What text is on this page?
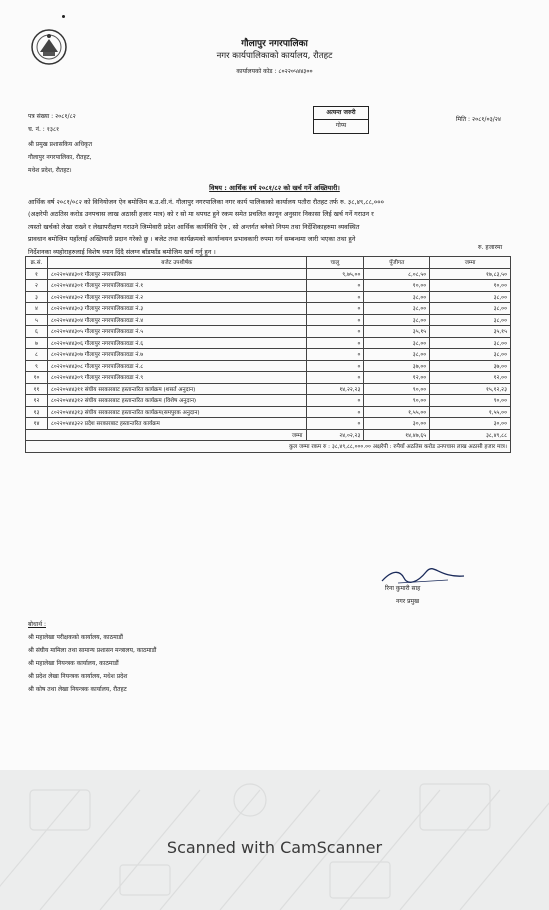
गौलापुर नगरपालिका
नगर कार्यपालिकाको कार्यालय, रौतहट
कार्यालयको कोड : ८०२२०५४४३००
पत्र संख्या : २०८१/८२
च. नं. : १३८१
अत्यन्त जरुरी
गोप्य
मिति : २०८१/०३/२४
श्री प्रमुख प्रशासकिय अधिकृत
गौलापुर नगरपालिका, रौतहट,
मधेश प्रदेश, रौतहट।
विषय : आर्थिक वर्ष २०८१/८२ को खर्च गर्ने अख्तियारी।
आर्थिक वर्ष २०८१/०८२ को विनियोजन ऐन बमोजिम ब.उ.शी.नं. गौलापुर नगरपालिका नगर कार्य पालिकाको कार्यालय पतौरा रौतहट तर्फ रु. ३८,४९,८८,०००
(अक्षरेपी अठतिस करोड उनपचास लाख अठासी हजार मात्र) को र सो मा थपघट हुने रकम समेत प्रचलित कानून अनुसार निकासा लिई खर्च गर्ने गराउन र
त्यस्तो खर्चको लेखा राख्ने र लेखापरीक्षण गराउने जिम्मेवारी प्रदेश आर्थिक कार्यविधि ऐन , सो अन्तर्गत बनेको नियम तथा निर्देशिकाहरुमा व्यवस्थित
प्रावधान बमोजिम यहाँलाई अख्तियारी प्रदान गरेको छु । बजेट तथा कार्यक्रमको कार्यान्वयन प्रभावकारी रुपमा गर्न सम्बन्धमा जारी भएका तथा हुने
निर्देशनका व्यहोराहरुलाई विशेष ध्यान दिंदै संलग्न बाँडफाँड बमोजिम खर्च गर्नु हुन ।
रु. हजारमा
क्र.सं.	बजेट उपशीर्षक	चालु	पूँजीगत	जम्मा
१	८०२२०५४४३०१ गौलापुर नगरपालिका	९,७५,००	८,०८,५०	१७,८३,५०
२	८०२२०५४४३०१ गौलापुर नगरपालिकावडा नं.१	०	१०,००	१०,००
३	८०२२०५४४३०२ गौलापुर नगरपालिकावडा नं.२	०	३८,००	३८,००
४	८०२२०५४४३०३ गौलापुर नगरपालिकावडा नं.३	०	३८,००	३८,००
५	८०२२०५४४३०४ गौलापुर नगरपालिकावडा नं.४	०	३८,००	३८,००
६	८०२२०५४४३०५ गौलापुर नगरपालिकावडा नं.५	०	३५,१५	३५,१५
७	८०२२०५४४३०६ गौलापुर नगरपालिकावडा नं.६	०	३८,००	३८,००
८	८०२२०५४४३०७ गौलापुर नगरपालिकावडा नं.७	०	३८,००	३८,००
९	८०२२०५४४३०८ गौलापुर नगरपालिकावडा नं.८	०	३७,००	३७,००
१०	८०२२०५४४३०९ गौलापुर नगरपालिकावडा नं.९	०	१२,००	१२,००
११	८०२२०५४४३११ संघीय सरकारबाट हस्तान्तरित कार्यक्रम (शसर्त अनुदान)	१४,२२,२३	९०,००	१५,१२,२३
१२	८०२२०५४४३१२ संघीय सरकारबाट हस्तान्तरित कार्यक्रम (विशेष अनुदान)	०	९०,००	९०,००
१३	८०२२०५४४३१३ संघीय सरकारबाट हस्तान्तरित कार्यक्रम(समपुरक अनुदान)	०	१,५५,००	१,५५,००
१४	८०२२०५४४३२२ प्रदेश सरकारबाट हस्तान्तरित कार्यक्रम	०	३०,००	३०,००
जम्मा		२४,०२,२३	१४,४७,६५	३८,४९,८८
कुल जम्मा रकम रु : ३८,४९,८८,०००.०० अक्षरेपी : रुपैयाँ अठतिस करोड उनपचास लाख अठासी हजार मात्र।				
रिना कुमारी साह
नगर प्रमुख
बोधार्थ :
श्री महालेखा परीक्षकको कार्यालय, काठमाडौं
श्री संघीय मामिला तथा सामान्य प्रशासन मन्त्रालय, काठमाडौं
श्री महालेखा नियन्त्रक कार्यालय, काठमाडौं
श्री प्रदेश लेखा नियन्त्रक कार्यालय, मधेश प्रदेश
श्री कोष तथा लेखा नियन्त्रक कार्यालय, रौतहट
Scanned with CamScanner
